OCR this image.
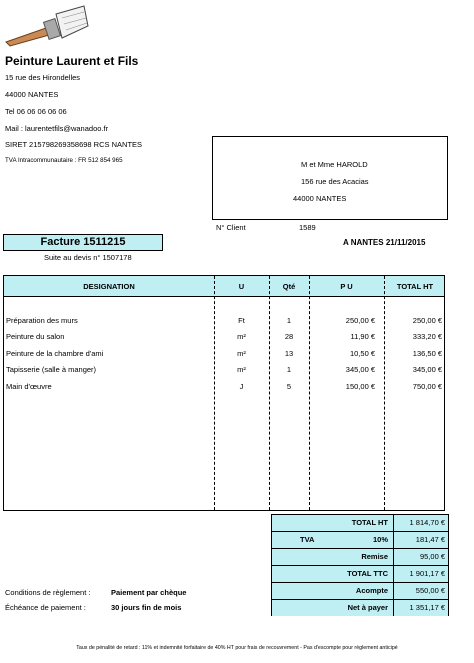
Peinture Laurent et Fils
15 rue des Hirondelles
44000 NANTES
Tel 06 06 06 06 06
Mail : laurentetfils@wanadoo.fr
SIRET 215798269358698 RCS NANTES
TVA Intracommunautaire : FR 512 854 965	M et Mme HAROLD
156 rue des Acacias
44000 NANTES
N° Client	1589
Facture 1511215
Suite au devis n° 1507178
A NANTES 21/11/2015
DESIGNATION	U	Qté	P U	TOTAL HT
Préparation des murs	Ft	1	250,00 €	250,00 €
Peinture du salon	m²	28	11,90 €	333,20 €
Peinture de la chambre d'ami	m²	13	10,50 €	136,50 €
Tapisserie (salle à manger)	m²	1	345,00 €	345,00 €
Main d'œuvre	J	5	150,00 €	750,00 €
TOTAL HT	1 814,70 €
TVA	10%	181,47 €
Remise	95,00 €
TOTAL TTC	1 901,17 €
Acompte	550,00 €
Net à payer	1 351,17 €
Conditions de règlement :	Paiement par chèque
Échéance de paiement :	30 jours fin de mois
Taux de pénalité de retard : 11% et indemnité forfaitaire de 40% HT pour frais de recouvrement - Pas d'escompte pour règlement anticipé
